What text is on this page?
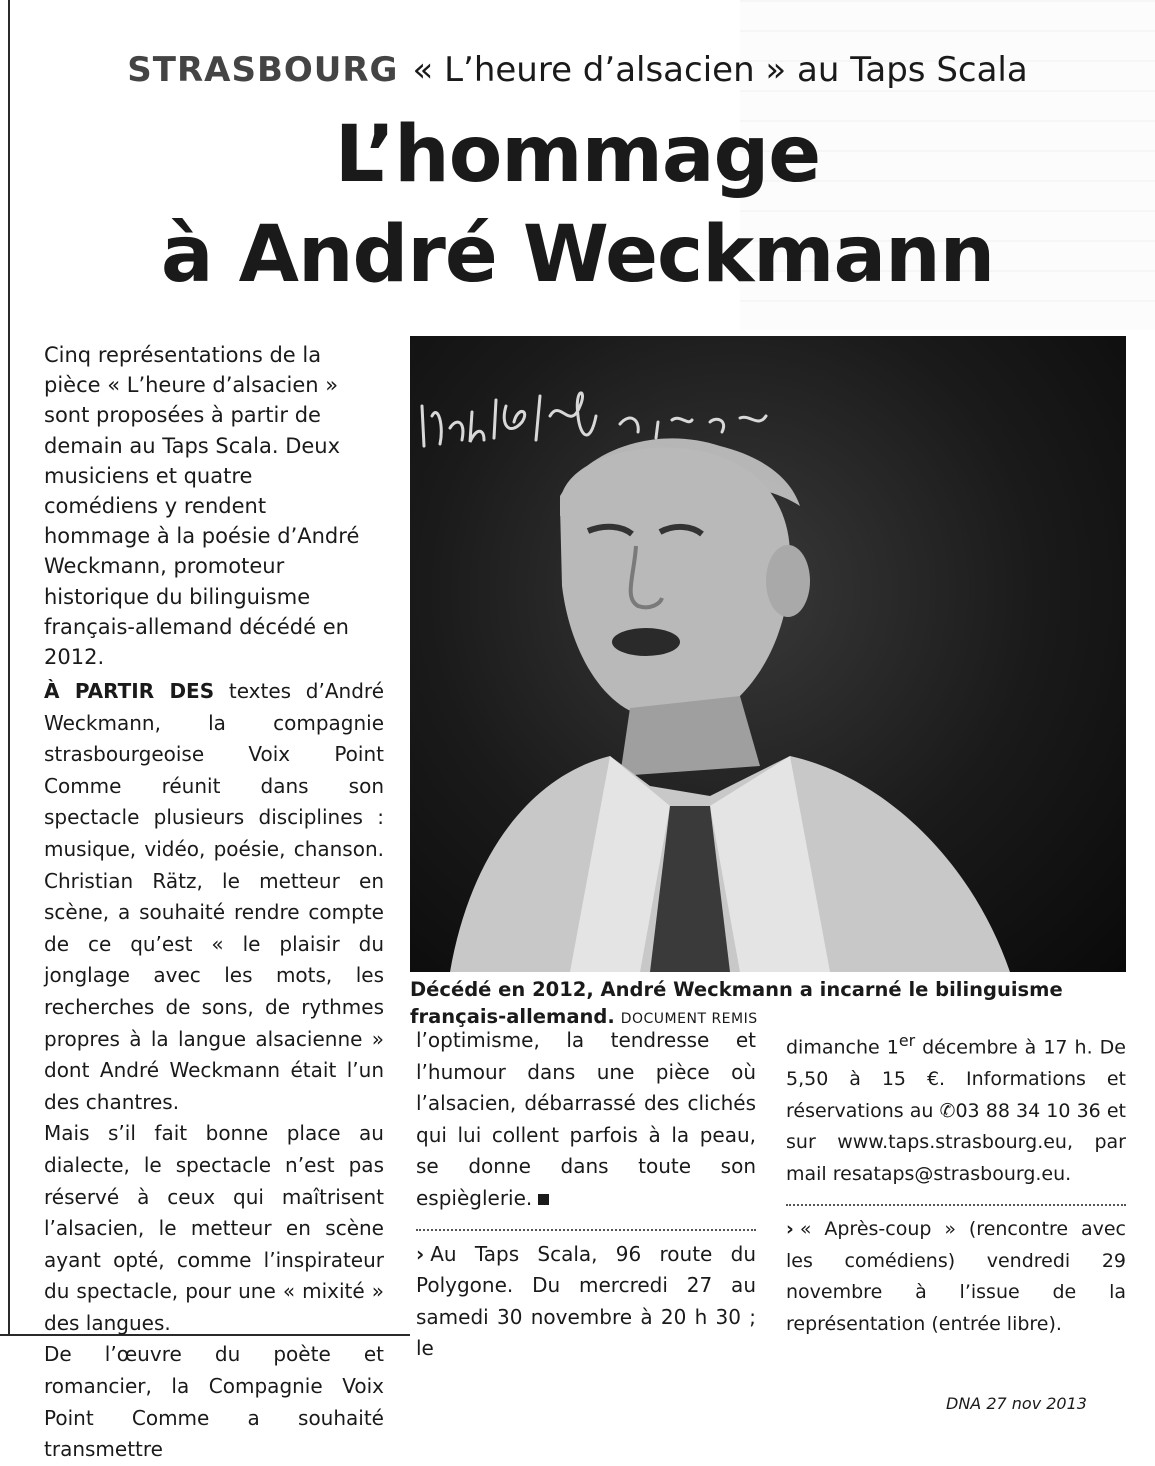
STRASBOURG « L’heure d’alsacien » au Taps Scala
L’hommage
à André Weckmann

Cinq représentations de la pièce « L’heure d’alsacien » sont proposées à partir de demain au Taps Scala. Deux musiciens et quatre comédiens y rendent hommage à la poésie d’André Weckmann, promoteur historique du bilinguisme français-allemand décédé en 2012.

À PARTIR DES textes d’André Weckmann, la compagnie strasbourgeoise Voix Point Comme réunit dans son spectacle plusieurs disciplines : musique, vidéo, poésie, chanson. Christian Rätz, le metteur en scène, a souhaité rendre compte de ce qu’est « le plaisir du jonglage avec les mots, les recherches de sons, de rythmes propres à la langue alsacienne » dont André Weckmann était l’un des chantres.

Mais s’il fait bonne place au dialecte, le spectacle n’est pas réservé à ceux qui maîtrisent l’alsacien, le metteur en scène ayant opté, comme l’inspirateur du spectacle, pour une « mixité » des langues.

De l’œuvre du poète et romancier, la Compagnie Voix Point Comme a souhaité transmettre

Décédé en 2012, André Weckmann a incarné le bilinguisme français-allemand. DOCUMENT REMIS

l’optimisme, la tendresse et l’humour dans une pièce où l’alsacien, débarrassé des clichés qui lui collent parfois à la peau, se donne dans toute son espièglerie.

› Au Taps Scala, 96 route du Polygone. Du mercredi 27 au samedi 30 novembre à 20 h 30 ; le

dimanche 1er décembre à 17 h. De 5,50 à 15 €. Informations et réservations au ✆03 88 34 10 36 et sur www.taps.strasbourg.eu, par mail resataps@strasbourg.eu.

› « Après-coup » (rencontre avec les comédiens) vendredi 29 novembre à l’issue de la représentation (entrée libre).

DNA 27 nov 2013
